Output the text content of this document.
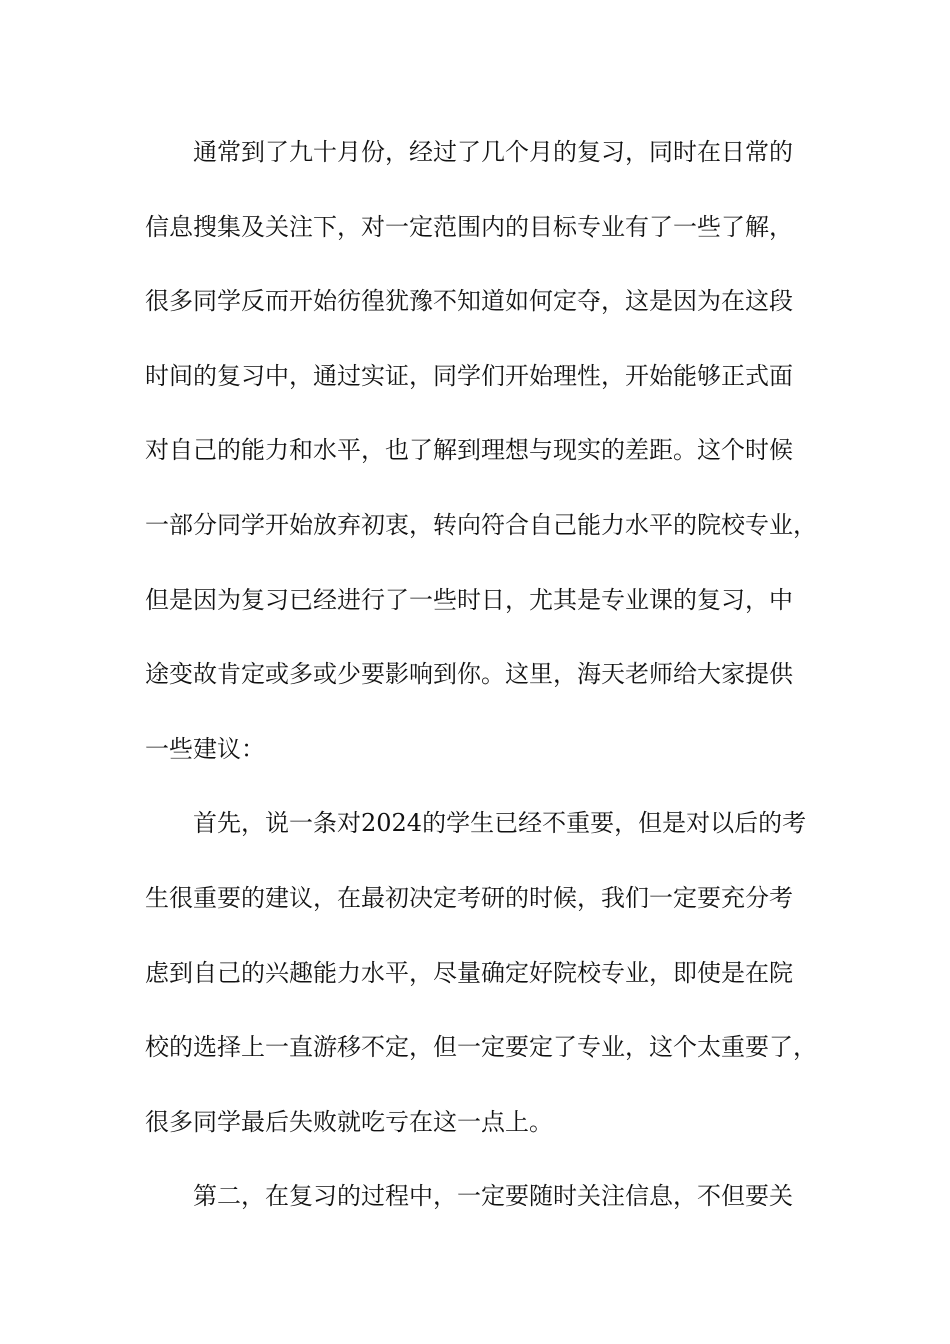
通常到了九十月份，经过了几个月的复习，同时在日常的
信息搜集及关注下，对一定范围内的目标专业有了一些了解，
很多同学反而开始彷徨犹豫不知道如何定夺，这是因为在这段
时间的复习中，通过实证，同学们开始理性，开始能够正式面
对自己的能力和水平，也了解到理想与现实的差距。这个时候
一部分同学开始放弃初衷，转向符合自己能力水平的院校专业，
但是因为复习已经进行了一些时日，尤其是专业课的复习，中
途变故肯定或多或少要影响到你。这里，海天老师给大家提供
一些建议：
首先，说一条对2024的学生已经不重要，但是对以后的考
生很重要的建议，在最初决定考研的时候，我们一定要充分考
虑到自己的兴趣能力水平，尽量确定好院校专业，即使是在院
校的选择上一直游移不定，但一定要定了专业，这个太重要了，
很多同学最后失败就吃亏在这一点上。
第二，在复习的过程中，一定要随时关注信息，不但要关
